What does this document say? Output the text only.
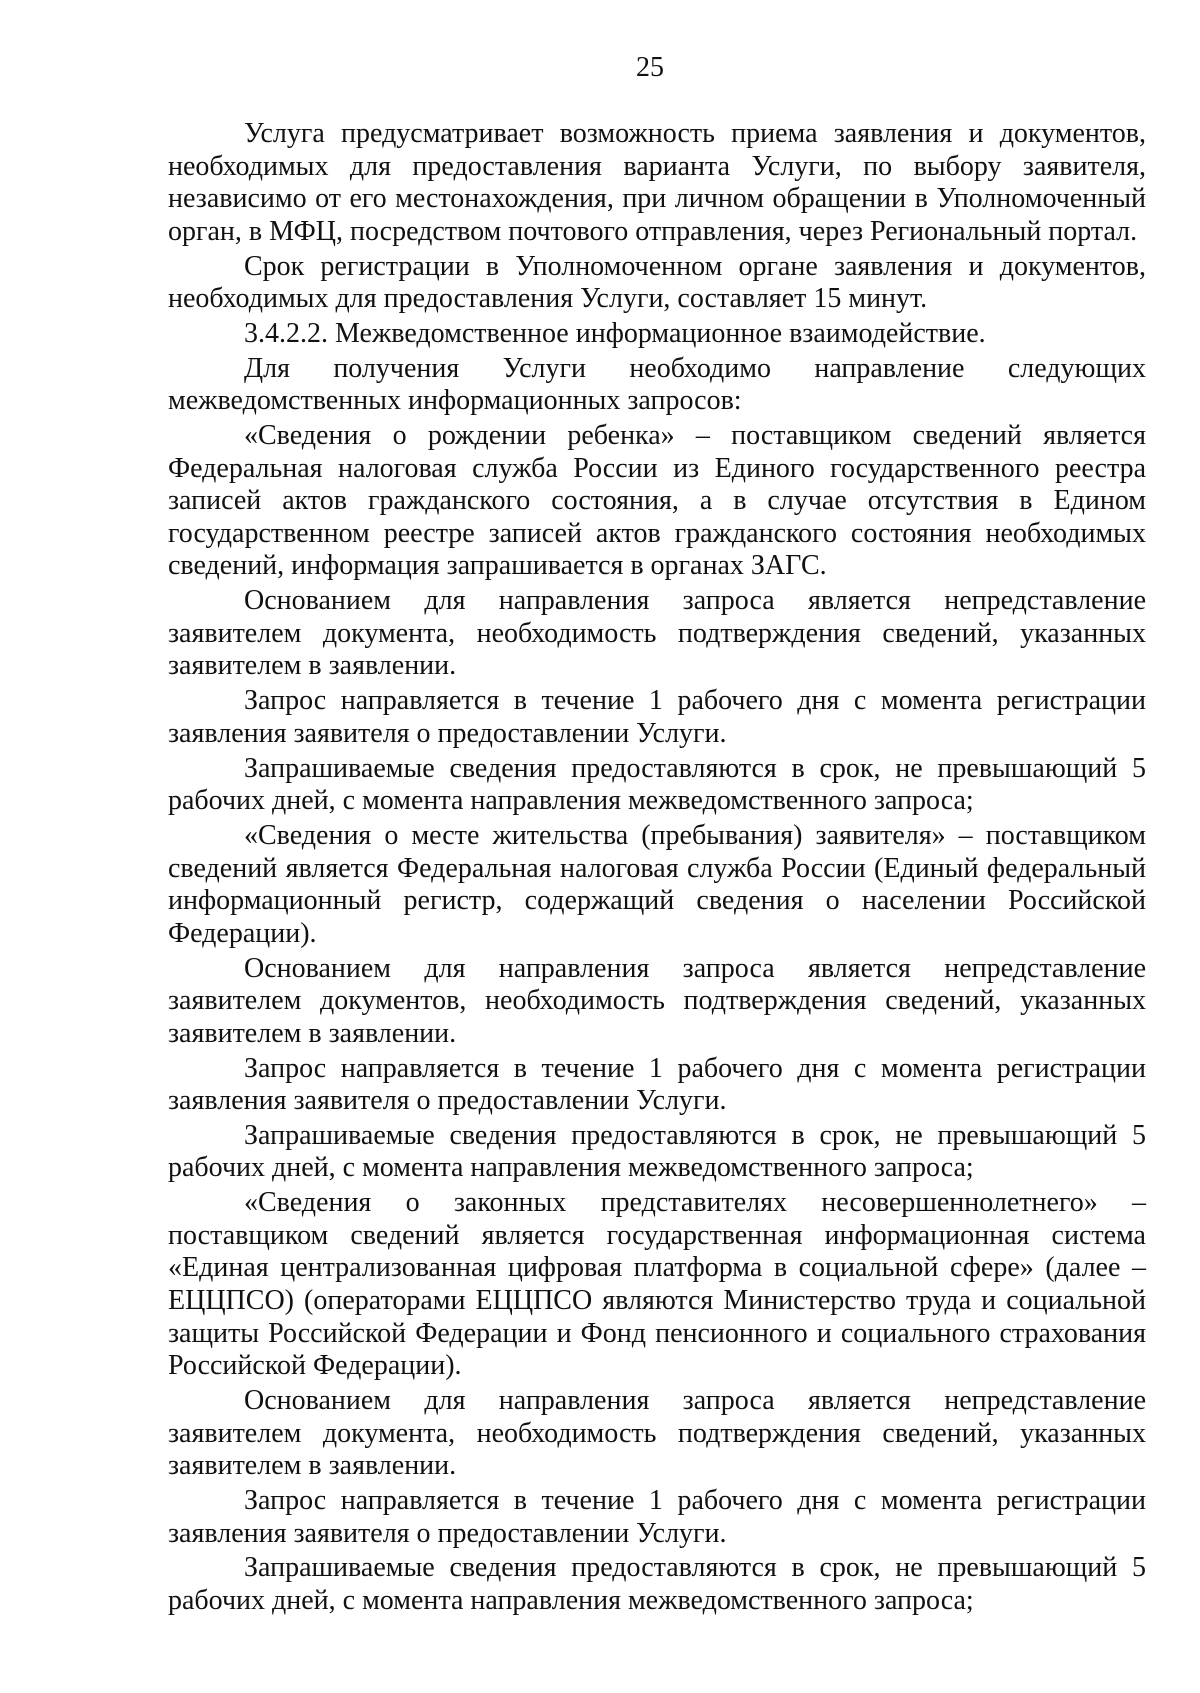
25

Услуга предусматривает возможность приема заявления и документов, необходимых для предоставления варианта Услуги, по выбору заявителя, независимо от его местонахождения, при личном обращении в Уполномоченный орган, в МФЦ, посредством почтового отправления, через Региональный портал.

Срок регистрации в Уполномоченном органе заявления и документов, необходимых для предоставления Услуги, составляет 15 минут.

3.4.2.2. Межведомственное информационное взаимодействие.

Для получения Услуги необходимо направление следующих межведомственных информационных запросов:

«Сведения о рождении ребенка» – поставщиком сведений является Федеральная налоговая служба России из Единого государственного реестра записей актов гражданского состояния, а в случае отсутствия в Едином государственном реестре записей актов гражданского состояния необходимых сведений, информация запрашивается в органах ЗАГС.

Основанием для направления запроса является непредставление заявителем документа, необходимость подтверждения сведений, указанных заявителем в заявлении.

Запрос направляется в течение 1 рабочего дня с момента регистрации заявления заявителя о предоставлении Услуги.

Запрашиваемые сведения предоставляются в срок, не превышающий 5 рабочих дней, с момента направления межведомственного запроса;

«Сведения о месте жительства (пребывания) заявителя» – поставщиком сведений является Федеральная налоговая служба России (Единый федеральный информационный регистр, содержащий сведения о населении Российской Федерации).

Основанием для направления запроса является непредставление заявителем документов, необходимость подтверждения сведений, указанных заявителем в заявлении.

Запрос направляется в течение 1 рабочего дня с момента регистрации заявления заявителя о предоставлении Услуги.

Запрашиваемые сведения предоставляются в срок, не превышающий 5 рабочих дней, с момента направления межведомственного запроса;

«Сведения о законных представителях несовершеннолетнего» – поставщиком сведений является государственная информационная система «Единая централизованная цифровая платформа в социальной сфере» (далее – ЕЦЦПСО) (операторами ЕЦЦПСО являются Министерство труда и социальной защиты Российской Федерации и Фонд пенсионного и социального страхования Российской Федерации).

Основанием для направления запроса является непредставление заявителем документа, необходимость подтверждения сведений, указанных заявителем в заявлении.

Запрос направляется в течение 1 рабочего дня с момента регистрации заявления заявителя о предоставлении Услуги.

Запрашиваемые сведения предоставляются в срок, не превышающий 5 рабочих дней, с момента направления межведомственного запроса;
